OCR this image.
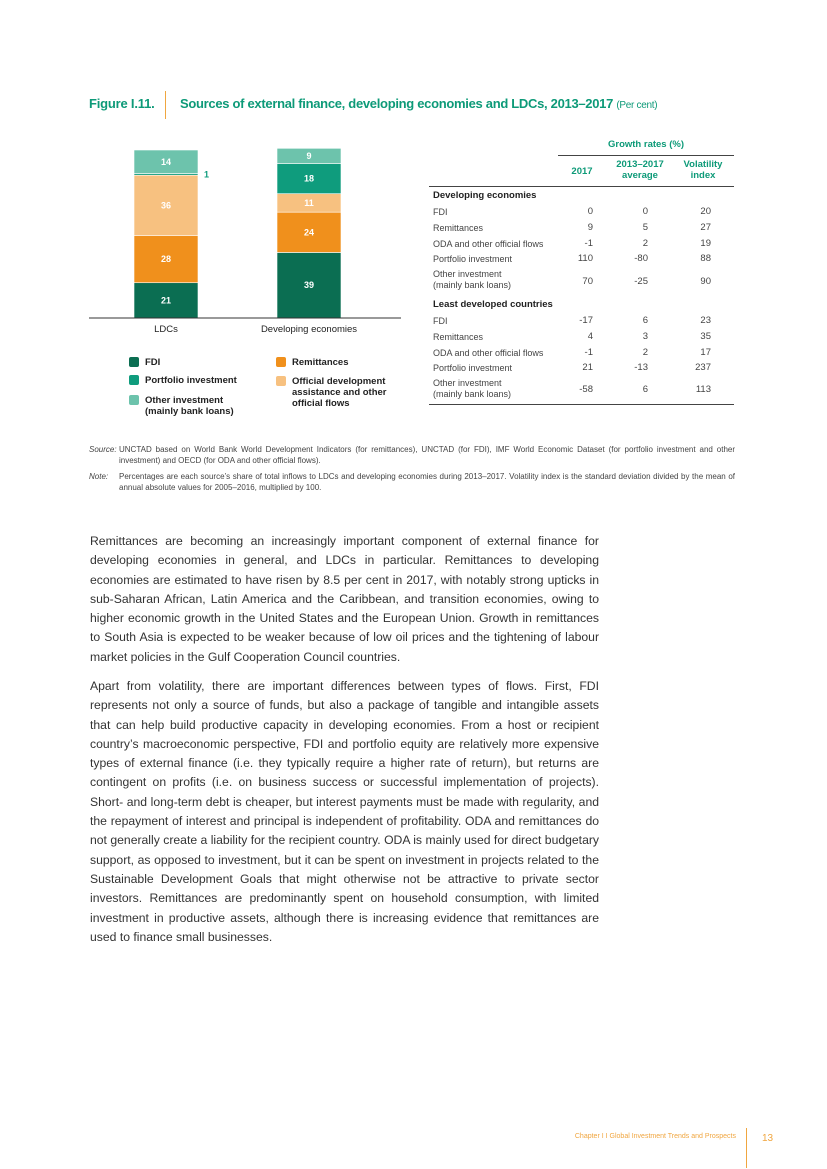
Figure I.11. Sources of external finance, developing economies and LDCs, 2013–2017 (Per cent)
21
28
36
1
14
LDCs
39
24
11
18
9
Developing economies
FDI
Portfolio investment
Other investment
(mainly bank loans)
Remittances
Official development
assistance and other
official flows
Growth rates (%)
2017
2013–2017
average
Volatility
index
Developing economies
FDI	0	0	20
Remittances	9	5	27
ODA and other official flows	-1	2	19
Portfolio investment	110	-80	88
Other investment
(mainly bank loans)	70	-25	90
Least developed countries
FDI	-17	6	23
Remittances	4	3	35
ODA and other official flows	-1	2	17
Portfolio investment	21	-13	237
Other investment
(mainly bank loans)	-58	6	113
Source: UNCTAD based on World Bank World Development Indicators (for remittances), UNCTAD (for FDI), IMF World Economic Dataset (for portfolio investment and other investment) and OECD (for ODA and other official flows).
Note: Percentages are each source’s share of total inflows to LDCs and developing economies during 2013–2017. Volatility index is the standard deviation divided by the mean of annual absolute values for 2005–2016, multiplied by 100.

Remittances are becoming an increasingly important component of external finance for developing economies in general, and LDCs in particular. Remittances to developing economies are estimated to have risen by 8.5 per cent in 2017, with notably strong upticks in sub-Saharan African, Latin America and the Caribbean, and transition economies, owing to higher economic growth in the United States and the European Union. Growth in remittances to South Asia is expected to be weaker because of low oil prices and the tightening of labour market policies in the Gulf Cooperation Council countries.

Apart from volatility, there are important differences between types of flows. First, FDI represents not only a source of funds, but also a package of tangible and intangible assets that can help build productive capacity in developing economies. From a host or recipient country’s macroeconomic perspective, FDI and portfolio equity are relatively more expensive types of external finance (i.e. they typically require a higher rate of return), but returns are contingent on profits (i.e. on business success or successful implementation of projects). Short- and long-term debt is cheaper, but interest payments must be made with regularity, and the repayment of interest and principal is independent of profitability. ODA and remittances do not generally create a liability for the recipient country. ODA is mainly used for direct budgetary support, as opposed to investment, but it can be spent on investment in projects related to the Sustainable Development Goals that might otherwise not be attractive to private sector investors. Remittances are predominantly spent on household consumption, with limited investment in productive assets, although there is increasing evidence that remittances are used to finance small businesses.

Chapter I I Global Investment Trends and Prospects	13
